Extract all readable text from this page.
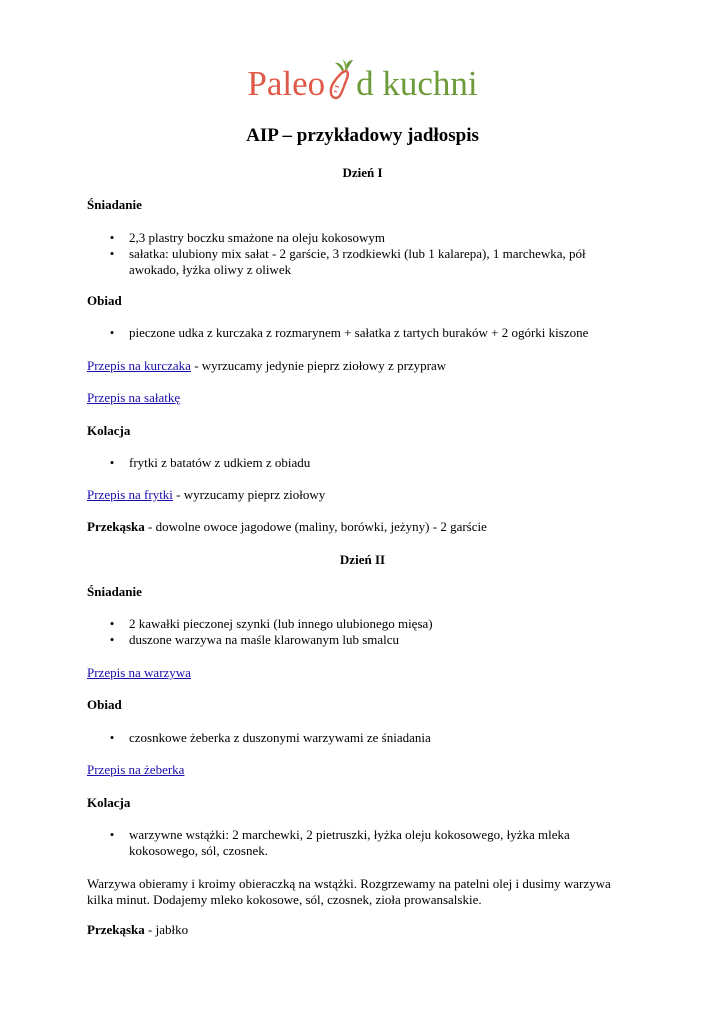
Paleo d kuchni
AIP – przykładowy jadłospis
Dzień I
Śniadanie
• 2,3 plastry boczku smażone na oleju kokosowym
• sałatka: ulubiony mix sałat - 2 garście, 3 rzodkiewki (lub 1 kalarepa), 1 marchewka, pół awokado, łyżka oliwy z oliwek
Obiad
• pieczone udka z kurczaka z rozmarynem + sałatka z tartych buraków + 2 ogórki kiszone
Przepis na kurczaka - wyrzucamy jedynie pieprz ziołowy z przypraw
Przepis na sałatkę
Kolacja
• frytki z batatów z udkiem z obiadu
Przepis na frytki - wyrzucamy pieprz ziołowy
Przekąska - dowolne owoce jagodowe (maliny, borówki, jeżyny) - 2 garście
Dzień II
Śniadanie
• 2 kawałki pieczonej szynki (lub innego ulubionego mięsa)
• duszone warzywa na maśle klarowanym lub smalcu
Przepis na warzywa
Obiad
• czosnkowe żeberka z duszonymi warzywami ze śniadania
Przepis na żeberka
Kolacja
• warzywne wstążki: 2 marchewki, 2 pietruszki, łyżka oleju kokosowego, łyżka mleka kokosowego, sól, czosnek.
Warzywa obieramy i kroimy obieraczką na wstążki. Rozgrzewamy na patelni olej i dusimy warzywa kilka minut. Dodajemy mleko kokosowe, sól, czosnek, zioła prowansalskie.
Przekąska - jabłko
